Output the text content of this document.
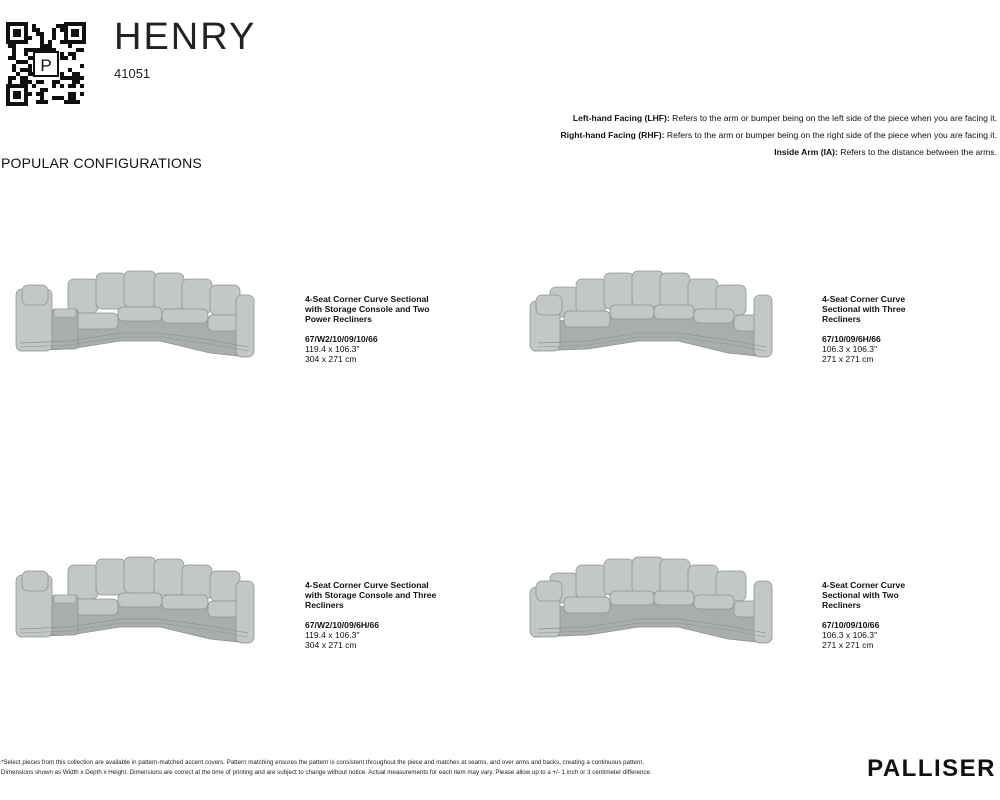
P
HENRY
41051
Left-hand Facing (LHF): Refers to the arm or bumper being on the left side of the piece when you are facing it.
Right-hand Facing (RHF): Refers to the arm or bumper being on the right side of the piece when you are facing it.
Inside Arm (IA): Refers to the distance between the arms.
POPULAR CONFIGURATIONS
4-Seat Corner Curve Sectional
with Storage Console and Two
Power Recliners
67/W2/10/09/10/66
119.4 x 106.3"
304 x 271 cm
4-Seat Corner Curve
Sectional with Three
Recliners
67/10/09/6H/66
106.3 x 106.3"
271 x 271 cm
4-Seat Corner Curve Sectional
with Storage Console and Three
Recliners
67/W2/10/09/6H/66
119.4 x 106.3"
304 x 271 cm
4-Seat Corner Curve
Sectional with Two
Recliners
67/10/09/10/66
106.3 x 106.3"
271 x 271 cm
*Select pieces from this collection are available in pattern-matched accent covers. Pattern matching ensures the pattern is consistent throughout the piece and matches at seams, and over arms and backs, creating a continuous pattern.
Dimensions shown as Width x Depth x Height. Dimensions are correct at the time of printing and are subject to change without notice. Actual measurements for each item may vary. Please allow up to a +/- 1 inch or 3 centimeter difference.	PALLISER
